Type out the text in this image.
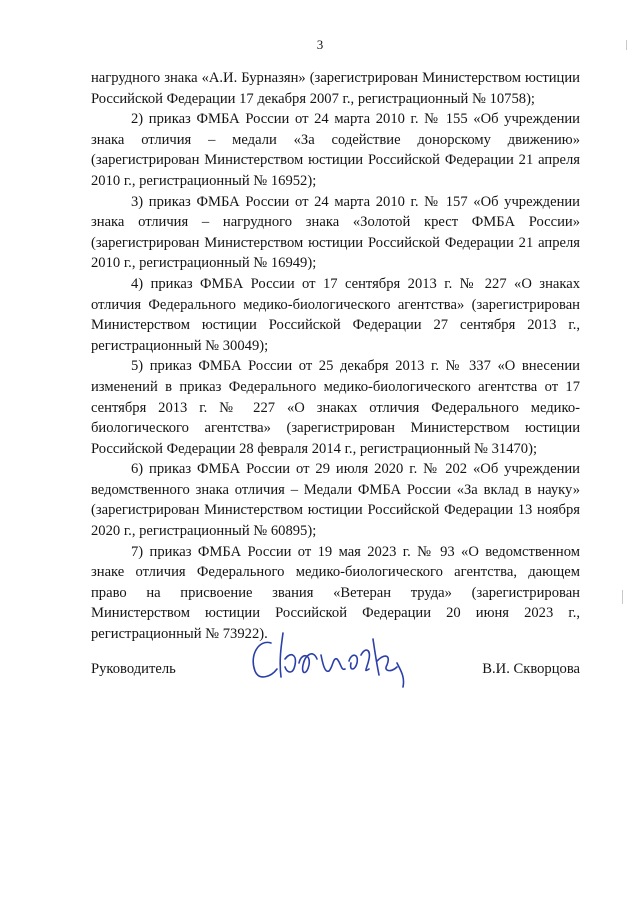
3

нагрудного знака «А.И. Бурназян» (зарегистрирован Министерством юстиции Российской Федерации 17 декабря 2007 г., регистрационный № 10758);

2) приказ ФМБА России от 24 марта 2010 г. № 155 «Об учреждении знака отличия – медали «За содействие донорскому движению» (зарегистрирован Министерством юстиции Российской Федерации 21 апреля 2010 г., регистрационный № 16952);

3) приказ ФМБА России от 24 марта 2010 г. № 157 «Об учреждении знака отличия – нагрудного знака «Золотой крест ФМБА России» (зарегистрирован Министерством юстиции Российской Федерации 21 апреля 2010 г., регистрационный № 16949);

4) приказ ФМБА России от 17 сентября 2013 г. № 227 «О знаках отличия Федерального медико-биологического агентства» (зарегистрирован Министерством юстиции Российской Федерации 27 сентября 2013 г., регистрационный № 30049);

5) приказ ФМБА России от 25 декабря 2013 г. № 337 «О внесении изменений в приказ Федерального медико-биологического агентства от 17 сентября 2013 г. № 227 «О знаках отличия Федерального медико-биологического агентства» (зарегистрирован Министерством юстиции Российской Федерации 28 февраля 2014 г., регистрационный № 31470);

6) приказ ФМБА России от 29 июля 2020 г. № 202 «Об учреждении ведомственного знака отличия – Медали ФМБА России «За вклад в науку» (зарегистрирован Министерством юстиции Российской Федерации 13 ноября 2020 г., регистрационный № 60895);

7) приказ ФМБА России от 19 мая 2023 г. № 93 «О ведомственном знаке отличия Федерального медико-биологического агентства, дающем право на присвоение звания «Ветеран труда» (зарегистрирован Министерством юстиции Российской Федерации 20 июня 2023 г., регистрационный № 73922).

Руководитель	В.И. Скворцова
